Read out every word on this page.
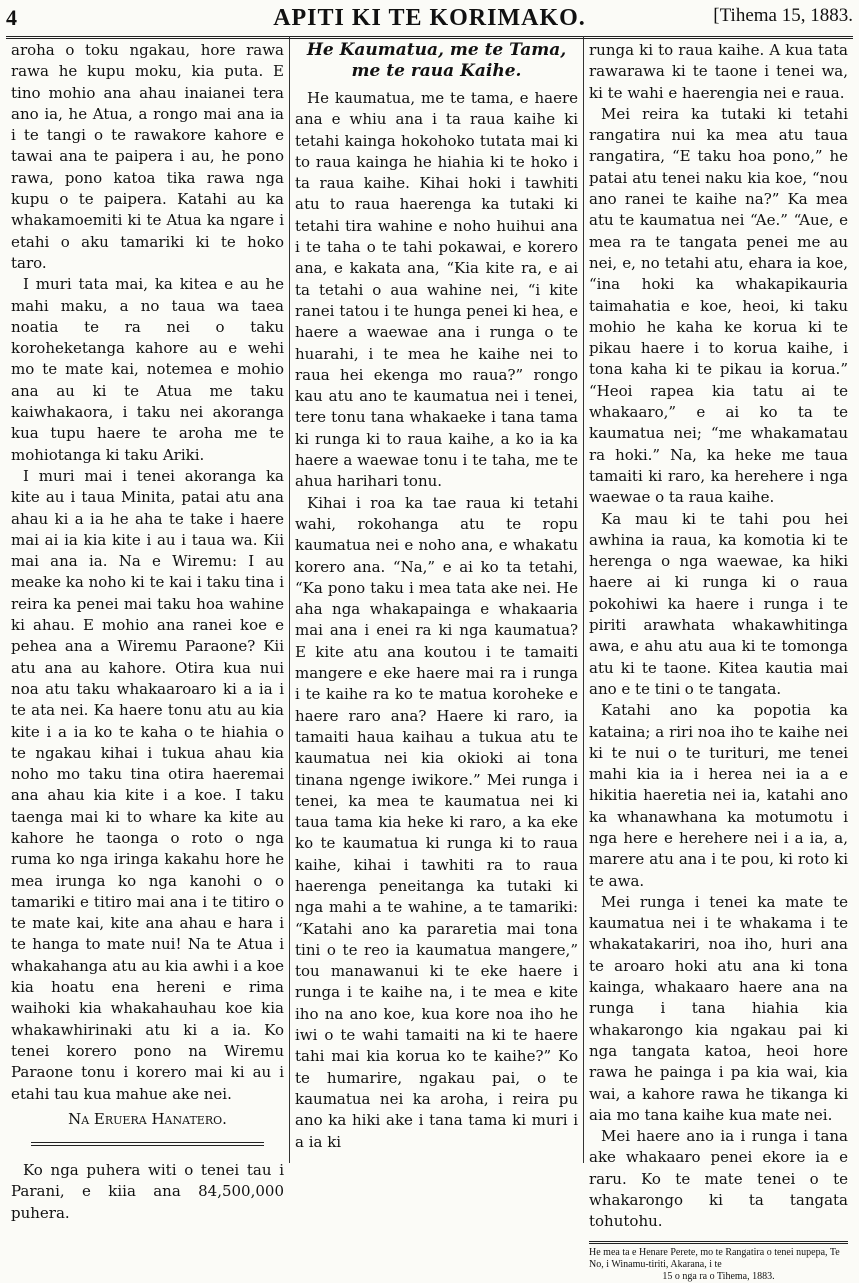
4	APITI KI TE KORIMAKO.	[Tihema 15, 1883.

aroha o toku ngakau, hore rawa rawa he kupu moku, kia puta. E tino mohio ana ahau inaianei tera ano ia, he Atua, a rongo mai ana ia i te tangi o te rawakore kahore e tawai ana te paipera i au, he pono rawa, pono katoa tika rawa nga kupu o te paipera. Katahi au ka whakamoemiti ki te Atua ka ngare i etahi o aku tamariki ki te hoko taro.

I muri tata mai, ka kitea e au he mahi maku, a no taua wa taea noatia te ra nei o taku koroheketanga kahore au e wehi mo te mate kai, notemea e mohio ana au ki te Atua me taku kaiwhakaora, i taku nei akoranga kua tupu haere te aroha me te mohiotanga ki taku Ariki.

I muri mai i tenei akoranga ka kite au i taua Minita, patai atu ana ahau ki a ia he aha te take i haere mai ai ia kia kite i au i taua wa. Kii mai ana ia. Na e Wiremu: I au meake ka noho ki te kai i taku tina i reira ka penei mai taku hoa wahine ki ahau. E mohio ana ranei koe e pehea ana a Wiremu Paraone? Kii atu ana au kahore. Otira kua nui noa atu taku whakaaroaro ki a ia i te ata nei. Ka haere tonu atu au kia kite i a ia ko te kaha o te hiahia o te ngakau kihai i tukua ahau kia noho mo taku tina otira haeremai ana ahau kia kite i a koe. I taku taenga mai ki to whare ka kite au kahore he taonga o roto o nga ruma ko nga iringa kakahu hore he mea irunga ko nga kanohi o o tamariki e titiro mai ana i te titiro o te mate kai, kite ana ahau e hara i te hanga to mate nui! Na te Atua i whakahanga atu au kia awhi i a koe kia hoatu ena hereni e rima waihoki kia whakahauhau koe kia whakawhirinaki atu ki a ia. Ko tenei korero pono na Wiremu Paraone tonu i korero mai ki au i etahi tau kua mahue ake nei.

Na Eruera Hanatero.

Ko nga puhera witi o tenei tau i Parani, e kiia ana 84,500,000 puhera.

He Kaumatua, me te Tama, me te raua Kaihe.

He kaumatua, me te tama, e haere ana e whiu ana i ta raua kaihe ki tetahi kainga hokohoko tutata mai ki to raua kainga he hiahia ki te hoko i ta raua kaihe. Kihai hoki i tawhiti atu to raua haerenga ka tutaki ki tetahi tira wahine e noho huihui ana i te taha o te tahi pokawai, e korero ana, e kakata ana, “Kia kite ra, e ai ta tetahi o aua wahine nei, “i kite ranei tatou i te hunga penei ki hea, e haere a waewae ana i runga o te huarahi, i te mea he kaihe nei to raua hei ekenga mo raua?” rongo kau atu ano te kaumatua nei i tenei, tere tonu tana whakaeke i tana tama ki runga ki to raua kaihe, a ko ia ka haere a waewae tonu i te taha, me te ahua harihari tonu.

Kihai i roa ka tae raua ki tetahi wahi, rokohanga atu te ropu kaumatua nei e noho ana, e whakatu korero ana. “Na,” e ai ko ta tetahi, “Ka pono taku i mea tata ake nei. He aha nga whakapainga e whakaaria mai ana i enei ra ki nga kaumatua? E kite atu ana koutou i te tamaiti mangere e eke haere mai ra i runga i te kaihe ra ko te matua koroheke e haere raro ana? Haere ki raro, ia tamaiti haua kaihau a tukua atu te kaumatua nei kia okioki ai tona tinana ngenge iwikore.” Mei runga i tenei, ka mea te kaumatua nei ki taua tama kia heke ki raro, a ka eke ko te kaumatua ki runga ki to raua kaihe, kihai i tawhiti ra to raua haerenga peneitanga ka tutaki ki nga mahi a te wahine, a te tamariki: “Katahi ano ka pararetia mai tona tini o te reo ia kaumatua mangere,” tou manawanui ki te eke haere i runga i te kaihe na, i te mea e kite iho na ano koe, kua kore noa iho he iwi o te wahi tamaiti na ki te haere tahi mai kia korua ko te kaihe?” Ko te humarire, ngakau pai, o te kaumatua nei ka aroha, i reira pu ano ka hiki ake i tana tama ki muri i a ia ki

runga ki to raua kaihe. A kua tata rawarawa ki te taone i tenei wa, ki te wahi e haerengia nei e raua.

Mei reira ka tutaki ki tetahi rangatira nui ka mea atu taua rangatira, “E taku hoa pono,” he patai atu tenei naku kia koe, “nou ano ranei te kaihe na?” Ka mea atu te kaumatua nei “Ae.” “Aue, e mea ra te tangata penei me au nei, e, no tetahi atu, ehara ia koe, “ina hoki ka whakapikauria taimahatia e koe, heoi, ki taku mohio he kaha ke korua ki te pikau haere i to korua kaihe, i tona kaha ki te pikau ia korua.” “Heoi rapea kia tatu ai te whakaaro,” e ai ko ta te kaumatua nei; “me whakamatau ra hoki.” Na, ka heke me taua tamaiti ki raro, ka herehere i nga waewae o ta raua kaihe.

Ka mau ki te tahi pou hei awhina ia raua, ka komotia ki te herenga o nga waewae, ka hiki haere ai ki runga ki o raua pokohiwi ka haere i runga i te piriti arawhata whakawhitinga awa, e ahu atu aua ki te tomonga atu ki te taone. Kitea kautia mai ano e te tini o te tangata.

Katahi ano ka popotia ka kataina; a riri noa iho te kaihe nei ki te nui o te turituri, me tenei mahi kia ia i herea nei ia a e hikitia haeretia nei ia, katahi ano ka whanawhana ka motumotu i nga here e herehere nei i a ia, a, marere atu ana i te pou, ki roto ki te awa.

Mei runga i tenei ka mate te kaumatua nei i te whakama i te whakatakariri, noa iho, huri ana te aroaro hoki atu ana ki tona kainga, whakaaro haere ana na runga i tana hiahia kia whakarongo kia ngakau pai ki nga tangata katoa, heoi hore rawa he painga i pa kia wai, kia wai, a kahore rawa he tikanga ki aia mo tana kaihe kua mate nei.

Mei haere ano ia i runga i tana ake whakaaro penei ekore ia e raru. Ko te mate tenei o te whakarongo ki ta tangata tohutohu.

He mea ta e Henare Perete, mo te Rangatira o tenei nupepa, Te No, i Winamu-tiriti, Akarana, i te
15 o nga ra o Tihema, 1883.
